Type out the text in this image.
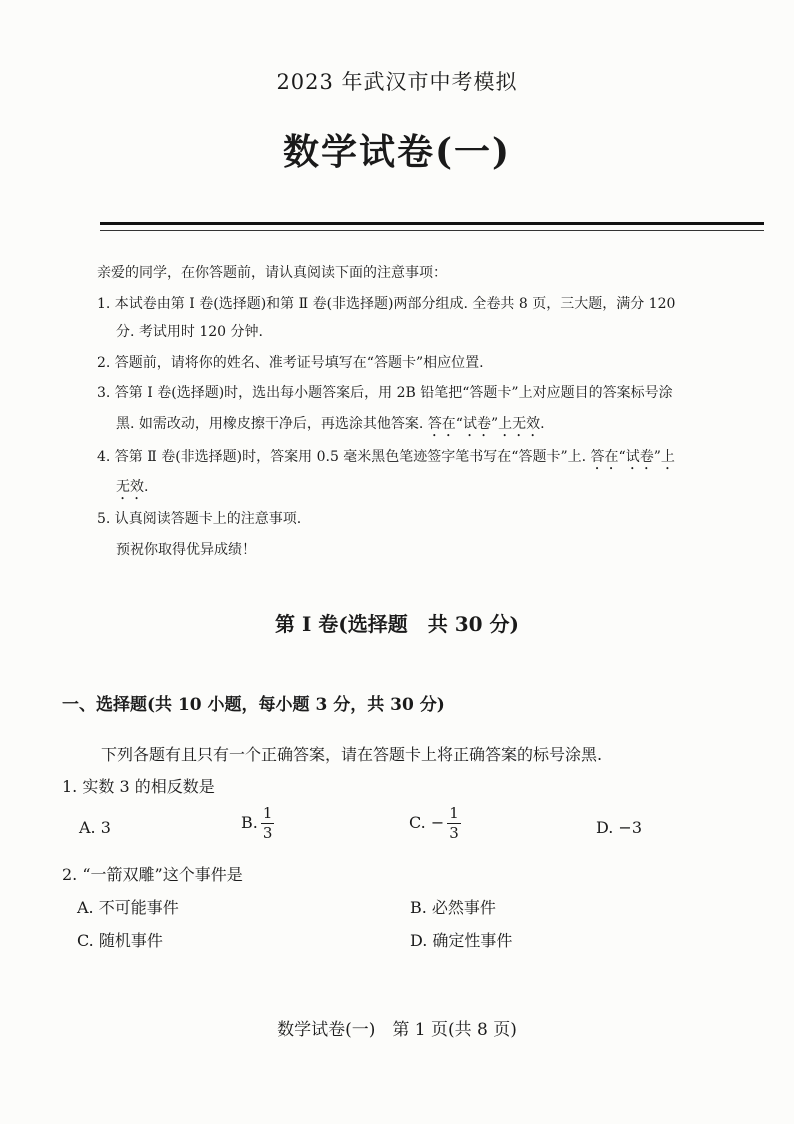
2023 年武汉市中考模拟
数学试卷(一)
亲爱的同学，在你答题前，请认真阅读下面的注意事项：
1. 本试卷由第 Ⅰ 卷(选择题)和第 Ⅱ 卷(非选择题)两部分组成. 全卷共 8 页，三大题，满分 120
分. 考试用时 120 分钟.
2. 答题前，请将你的姓名、准考证号填写在“答题卡”相应位置.
3. 答第 Ⅰ 卷(选择题)时，选出每小题答案后，用 2B 铅笔把“答题卡”上对应题目的答案标号涂
黑. 如需改动，用橡皮擦干净后，再选涂其他答案. 答在“试卷”上无效.
4. 答第 Ⅱ 卷(非选择题)时，答案用 0.5 毫米黑色笔迹签字笔书写在“答题卡”上. 答在“试卷”上
无效.
5. 认真阅读答题卡上的注意事项.
预祝你取得优异成绩！
第 Ⅰ 卷(选择题　共 30 分)
一、选择题(共 10 小题，每小题 3 分，共 30 分)
下列各题有且只有一个正确答案，请在答题卡上将正确答案的标号涂黑.
1. 实数 3 的相反数是
A. 3	B. $\frac{1}{3}$	C. − $\frac{1}{3}$	D. −3
2. “一箭双雕”这个事件是
A. 不可能事件	B. 必然事件
C. 随机事件	D. 确定性事件
数学试卷(一)　第 1 页(共 8 页)
